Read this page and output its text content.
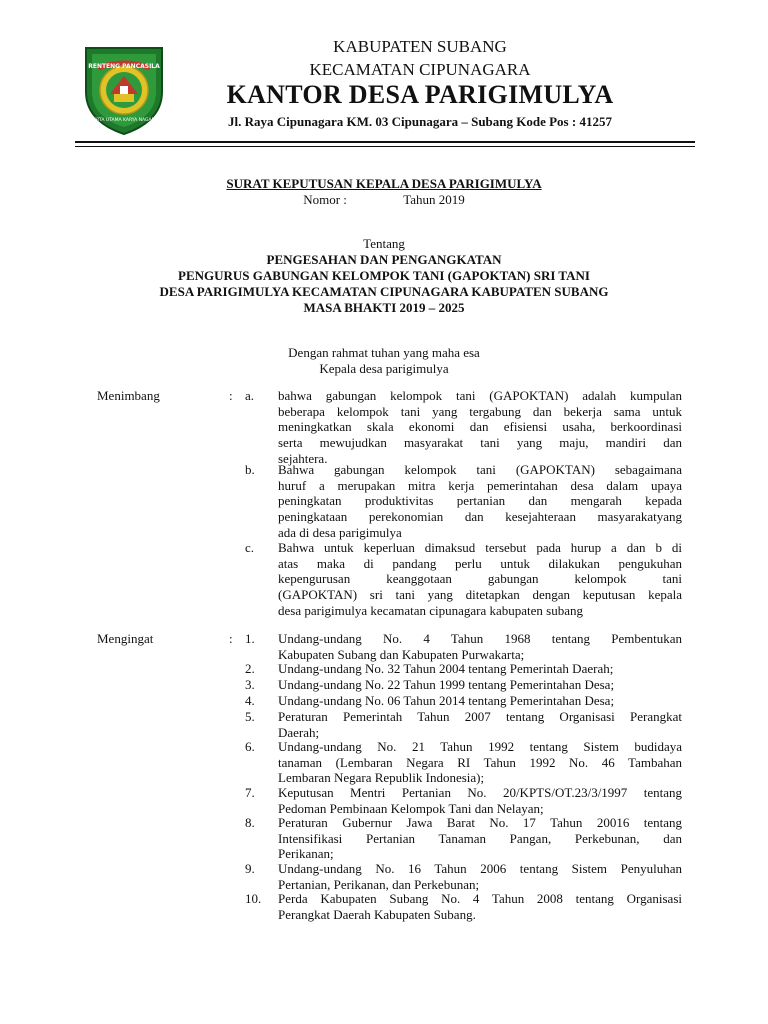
RENTENG PANCASILA
KERTA UTAMA KARYA NAGARA
KABUPATEN SUBANG
KECAMATAN CIPUNAGARA
KANTOR DESA PARIGIMULYA
Jl. Raya Cipunagara KM. 03 Cipunagara – Subang Kode Pos : 41257
SURAT KEPUTUSAN KEPALA DESA PARIGIMULYA
Nomor :	Tahun 2019
Tentang
PENGESAHAN DAN PENGANGKATAN
PENGURUS GABUNGAN KELOMPOK TANI (GAPOKTAN) SRI TANI
DESA PARIGIMULYA KECAMATAN CIPUNAGARA KABUPATEN SUBANG
MASA BHAKTI 2019 – 2025
Dengan rahmat tuhan yang maha esa
Kepala desa parigimulya
Menimbang	: a.	bahwa gabungan kelompok tani (GAPOKTAN) adalah kumpulan
beberapa kelompok tani yang tergabung dan bekerja sama untuk
meningkatkan skala ekonomi dan efisiensi usaha, berkoordinasi
serta mewujudkan masyarakat tani yang maju, mandiri dan
sejahtera.
b.	Bahwa gabungan kelompok tani (GAPOKTAN) sebagaimana
huruf a merupakan mitra kerja pemerintahan desa dalam upaya
peningkatan produktivitas pertanian dan mengarah kepada
peningkataan perekonomian dan kesejahteraan masyarakatyang
ada di desa parigimulya
c.	Bahwa untuk keperluan dimaksud tersebut pada hurup a dan b di
atas maka di pandang perlu untuk dilakukan pengukuhan
kepengurusan keanggotaan gabungan kelompok tani
(GAPOKTAN) sri tani yang ditetapkan dengan keputusan kepala
desa parigimulya kecamatan cipunagara kabupaten subang
Mengingat	: 1.	Undang-undang No. 4 Tahun 1968 tentang Pembentukan
Kabupaten Subang dan Kabupaten Purwakarta;
2.	Undang-undang No. 32 Tahun 2004 tentang Pemerintah Daerah;
3.	Undang-undang No. 22 Tahun 1999 tentang Pemerintahan Desa;
4.	Undang-undang No. 06 Tahun 2014 tentang Pemerintahan Desa;
5.	Peraturan Pemerintah Tahun 2007 tentang Organisasi Perangkat
Daerah;
6.	Undang-undang No. 21 Tahun 1992 tentang Sistem budidaya
tanaman (Lembaran Negara RI Tahun 1992 No. 46 Tambahan
Lembaran Negara Republik Indonesia);
7.	Keputusan Mentri Pertanian No. 20/KPTS/OT.23/3/1997 tentang
Pedoman Pembinaan Kelompok Tani dan Nelayan;
8.	Peraturan Gubernur Jawa Barat No. 17 Tahun 20016 tentang
Intensifikasi Pertanian Tanaman Pangan, Perkebunan, dan
Perikanan;
9.	Undang-undang No. 16 Tahun 2006 tentang Sistem Penyuluhan
Pertanian, Perikanan, dan Perkebunan;
10.	Perda Kabupaten Subang No. 4 Tahun 2008 tentang Organisasi
Perangkat Daerah Kabupaten Subang.
